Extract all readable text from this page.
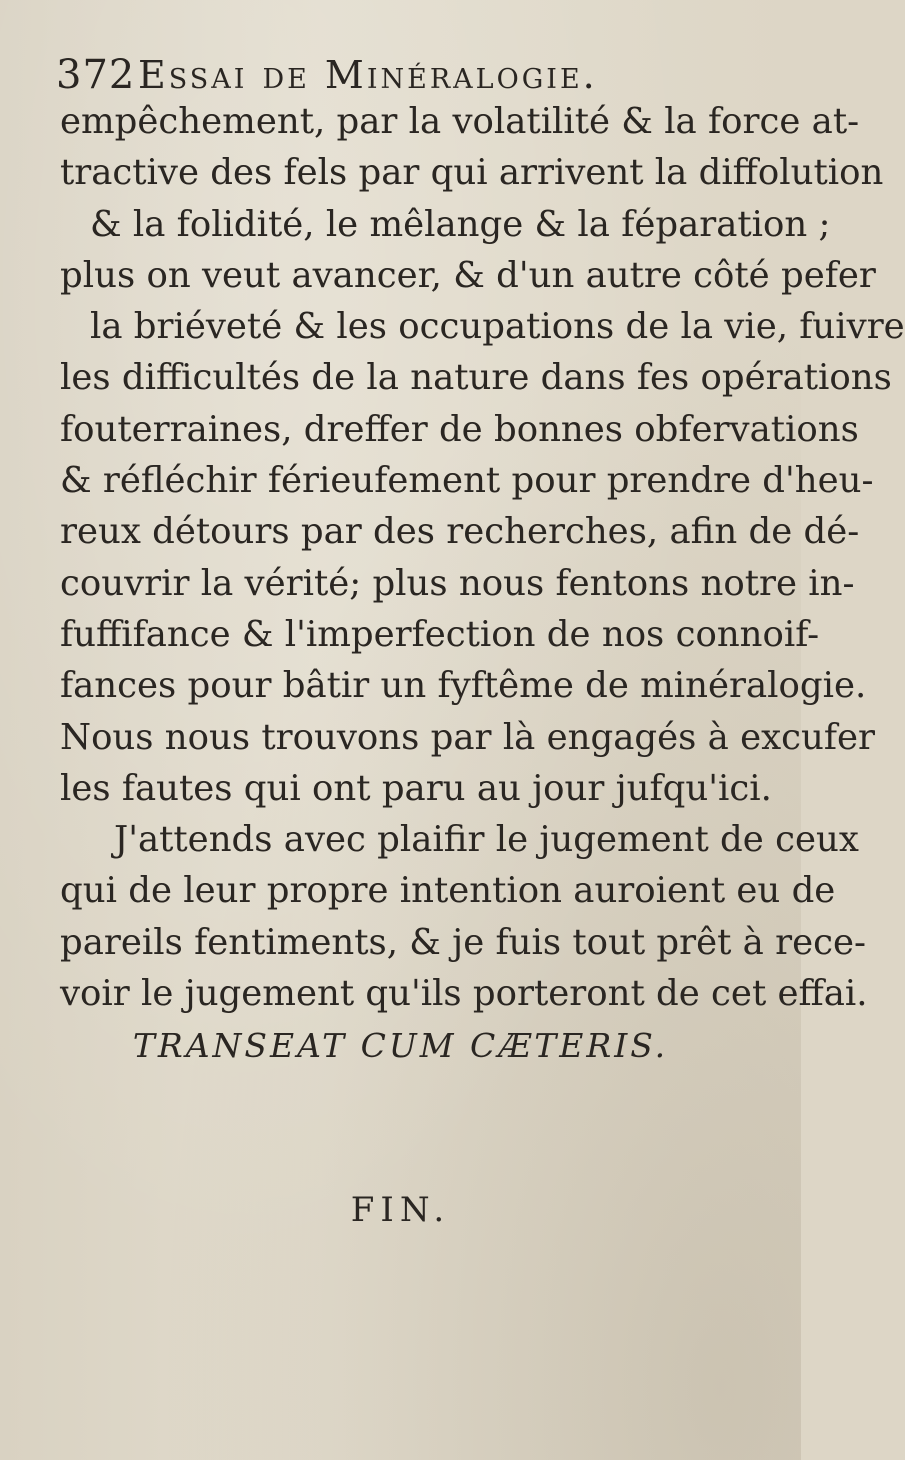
372 Essai de Minéralogie.
empêchement, par la volatilité & la force at-
tractive des fels par qui arrivent la diffolution
& la folidité, le mêlange & la féparation ;
plus on veut avancer, & d'un autre côté pefer
la briéveté & les occupations de la vie, fuivre
les difficultés de la nature dans fes opérations
fouterraines, dreffer de bonnes obfervations
& réfléchir férieufement pour prendre d'heu-
reux détours par des recherches, afin de dé-
couvrir la vérité; plus nous fentons notre in-
fuffifance & l'imperfection de nos connoif-
fances pour bâtir un fyftême de minéralogie.
Nous nous trouvons par là engagés à excufer
les fautes qui ont paru au jour jufqu'ici.
J'attends avec plaifir le jugement de ceux
qui de leur propre intention auroient eu de
pareils fentiments, & je fuis tout prêt à rece-
voir le jugement qu'ils porteront de cet effai.
TRANSEAT CUM CÆTERIS.
FIN.
